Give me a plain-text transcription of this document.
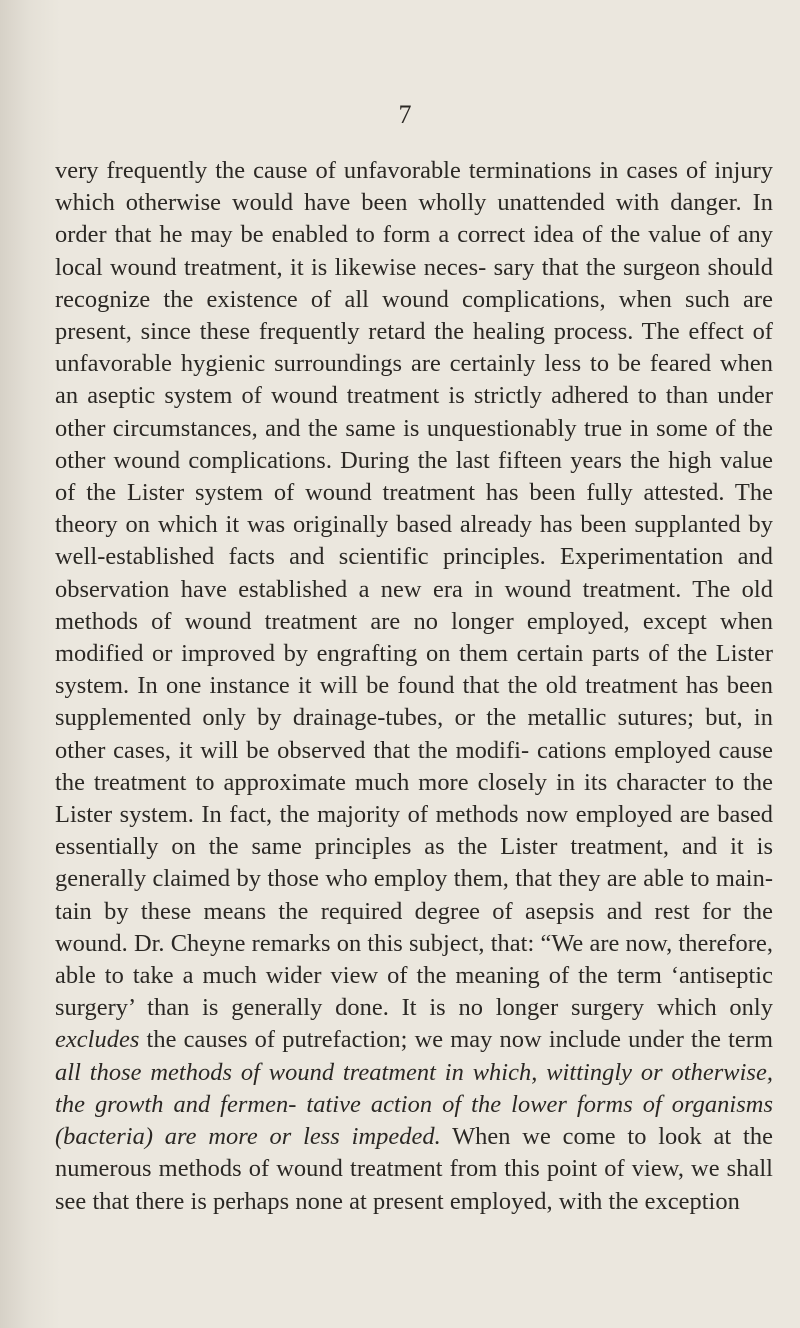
7

very frequently the cause of unfavorable terminations in cases of injury which otherwise would have been wholly unattended with danger. In order that he may be enabled to form a correct idea of the value of any local wound treatment, it is likewise neces- sary that the surgeon should recognize the existence of all wound complications, when such are present, since these frequently retard the healing process. The effect of unfavorable hygienic surroundings are certainly less to be feared when an aseptic system of wound treatment is strictly adhered to than under other circumstances, and the same is unquestionably true in some of the other wound complications. During the last fifteen years the high value of the Lister system of wound treatment has been fully attested. The theory on which it was originally based already has been supplanted by well-established facts and scientific principles. Experimentation and observation have established a new era in wound treatment. The old methods of wound treatment are no longer employed, except when modified or improved by engrafting on them certain parts of the Lister system. In one instance it will be found that the old treatment has been supplemented only by drainage-tubes, or the metallic sutures; but, in other cases, it will be observed that the modifi- cations employed cause the treatment to approximate much more closely in its character to the Lister system. In fact, the majority of methods now employed are based essentially on the same principles as the Lister treatment, and it is generally claimed by those who employ them, that they are able to main- tain by these means the required degree of asepsis and rest for the wound. Dr. Cheyne remarks on this subject, that: “We are now, therefore, able to take a much wider view of the meaning of the term ‘antiseptic surgery’ than is generally done. It is no longer surgery which only excludes the causes of putrefaction; we may now include under the term all those methods of wound treatment in which, wittingly or otherwise, the growth and fermen- tative action of the lower forms of organisms (bacteria) are more or less impeded. When we come to look at the numerous methods of wound treatment from this point of view, we shall see that there is perhaps none at present employed, with the exception
